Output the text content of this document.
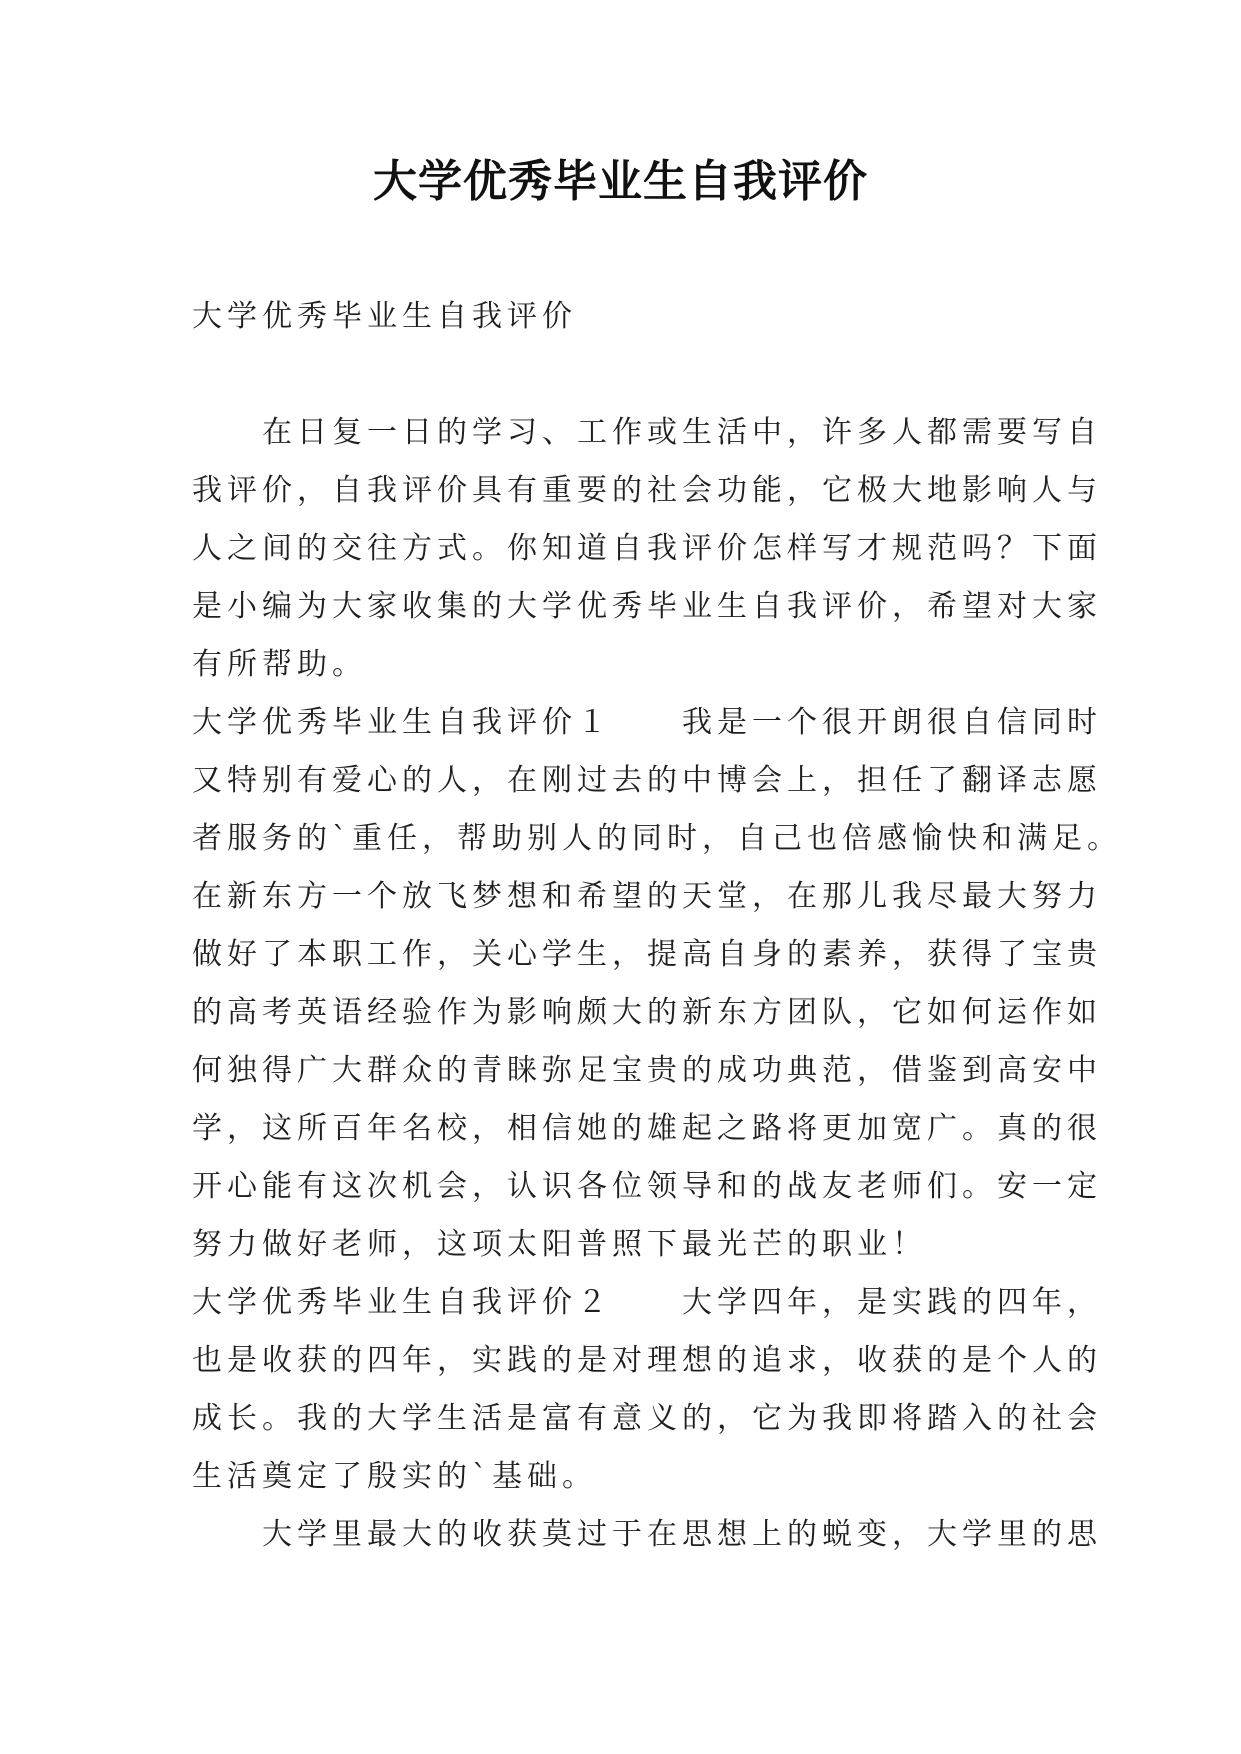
大学优秀毕业生自我评价
大学优秀毕业生自我评价
　　在日复一日的学习、工作或生活中，许多人都需要写自
我评价，自我评价具有重要的社会功能，它极大地影响人与
人之间的交往方式。你知道自我评价怎样写才规范吗？下面
是小编为大家收集的大学优秀毕业生自我评价，希望对大家
有所帮助。
大学优秀毕业生自我评价１　　我是一个很开朗很自信同时
又特别有爱心的人，在刚过去的中博会上，担任了翻译志愿
者服务的`重任，帮助别人的同时，自己也倍感愉快和满足。
在新东方一个放飞梦想和希望的天堂，在那儿我尽最大努力
做好了本职工作，关心学生，提高自身的素养，获得了宝贵
的高考英语经验作为影响颇大的新东方团队，它如何运作如
何独得广大群众的青睐弥足宝贵的成功典范，借鉴到高安中
学，这所百年名校，相信她的雄起之路将更加宽广。真的很
开心能有这次机会，认识各位领导和的战友老师们。安一定
努力做好老师，这项太阳普照下最光芒的职业！
大学优秀毕业生自我评价２　　大学四年，是实践的四年，
也是收获的四年，实践的是对理想的追求，收获的是个人的
成长。我的大学生活是富有意义的，它为我即将踏入的社会
生活奠定了殷实的`基础。
　　大学里最大的收获莫过于在思想上的蜕变，大学里的思
